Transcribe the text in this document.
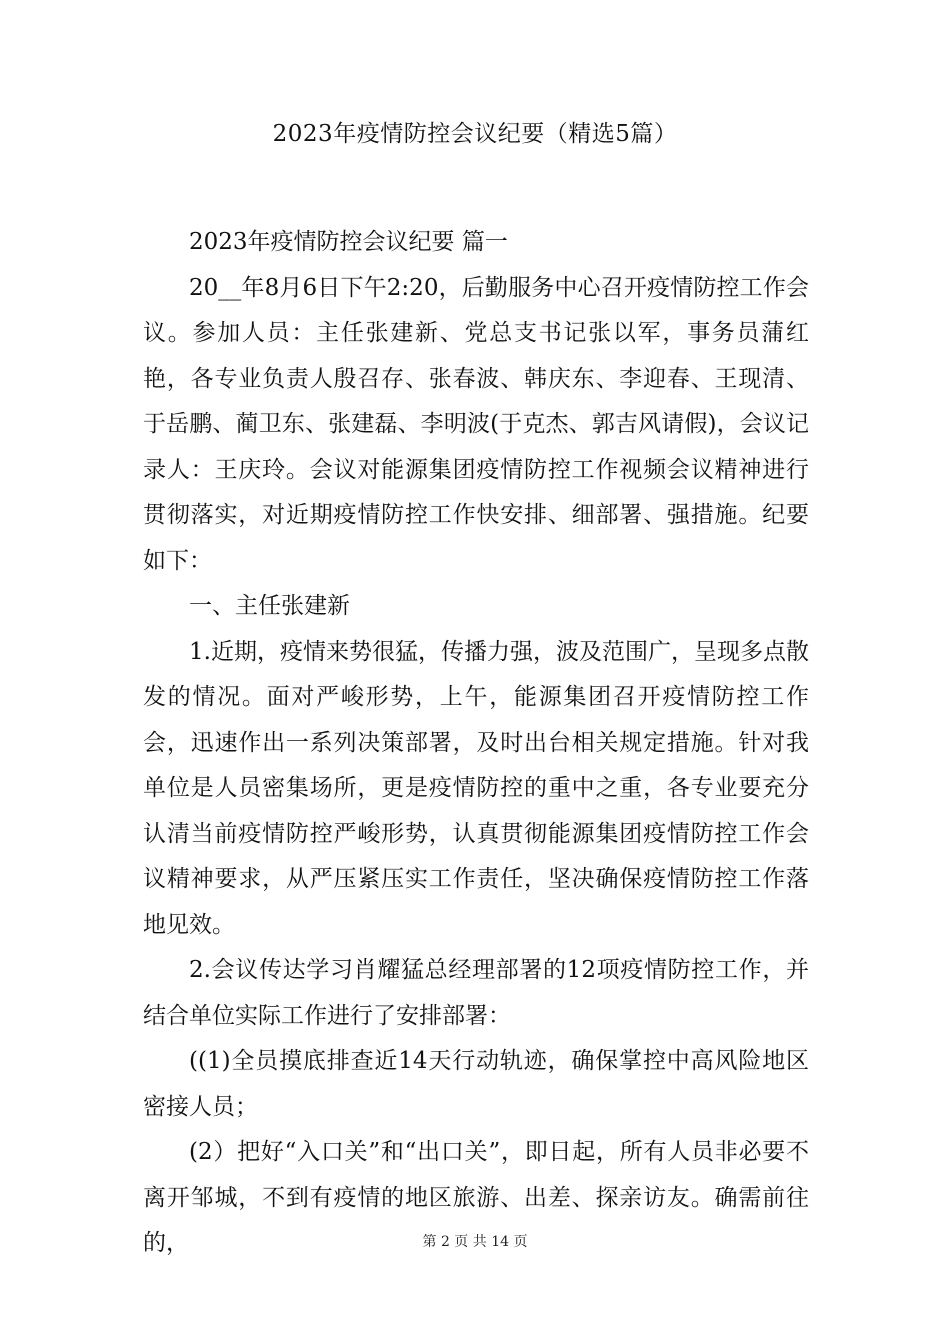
2023年疫情防控会议纪要（精选5篇）

2023年疫情防控会议纪要 篇一

20__年8月6日下午2:20，后勤服务中心召开疫情防控工作会议。参加人员：主任张建新、党总支书记张以军，事务员蒲红艳，各专业负责人殷召存、张春波、韩庆东、李迎春、王现清、于岳鹏、蔺卫东、张建磊、李明波(于克杰、郭吉风请假)，会议记录人：王庆玲。会议对能源集团疫情防控工作视频会议精神进行贯彻落实，对近期疫情防控工作快安排、细部署、强措施。纪要如下：

一、主任张建新

1.近期，疫情来势很猛，传播力强，波及范围广，呈现多点散发的情况。面对严峻形势，上午，能源集团召开疫情防控工作会，迅速作出一系列决策部署，及时出台相关规定措施。针对我单位是人员密集场所，更是疫情防控的重中之重，各专业要充分认清当前疫情防控严峻形势，认真贯彻能源集团疫情防控工作会议精神要求，从严压紧压实工作责任，坚决确保疫情防控工作落地见效。

2.会议传达学习肖耀猛总经理部署的12项疫情防控工作，并结合单位实际工作进行了安排部署：

((1)全员摸底排查近14天行动轨迹，确保掌控中高风险地区密接人员；

(2）把好“入口关”和“出口关”，即日起，所有人员非必要不离开邹城，不到有疫情的地区旅游、出差、探亲访友。确需前往的，	第 2 页 共 14 页
